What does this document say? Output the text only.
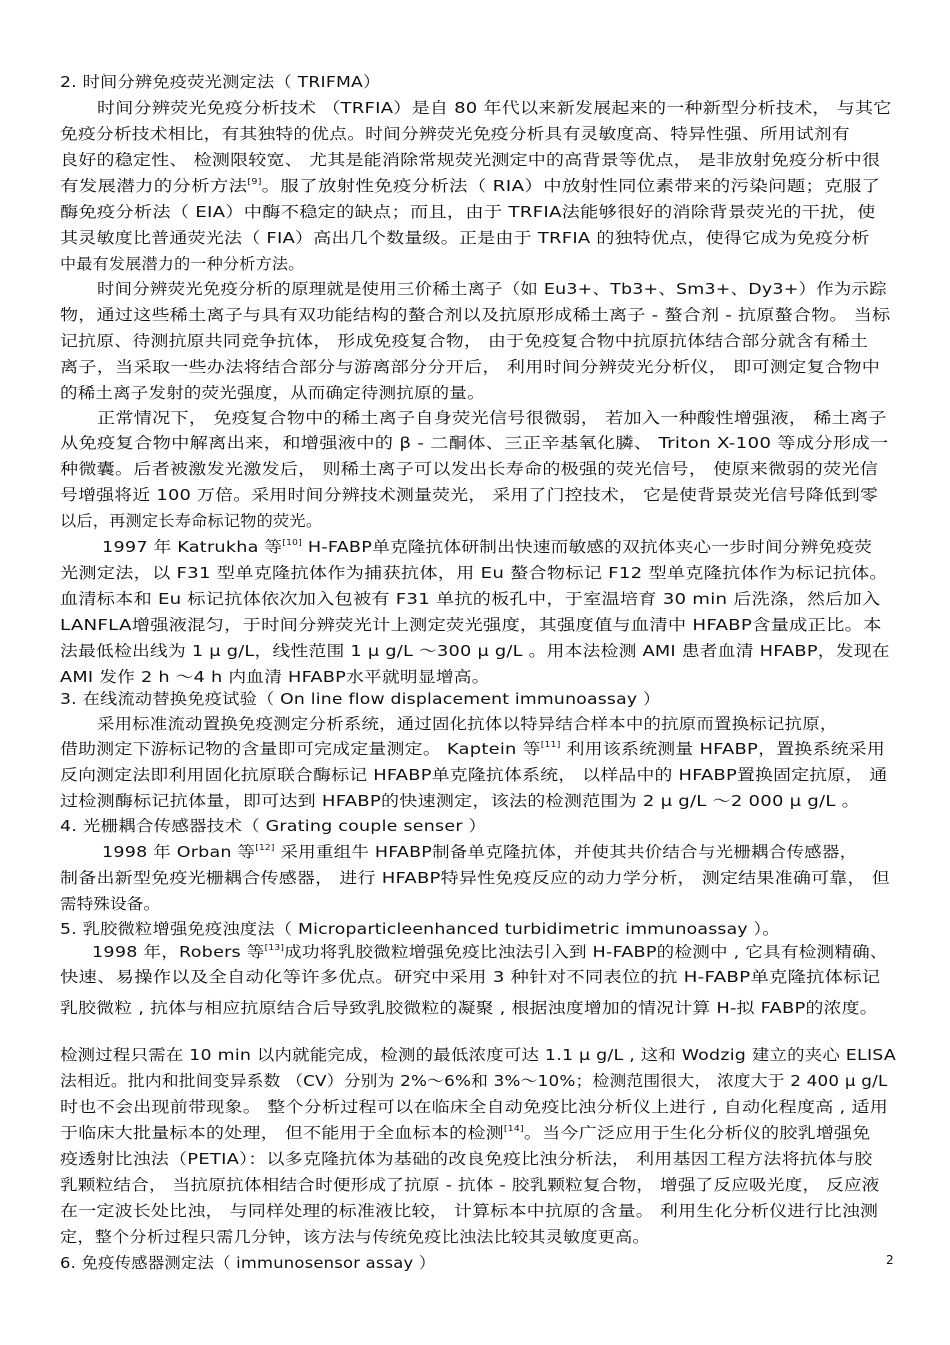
2. 时间分辨免疫荧光测定法（ TRIFMA）
时间分辨荧光免疫分析技术 （TRFIA）是自 80 年代以来新发展起来的一种新型分析技术， 与其它
免疫分析技术相比，有其独特的优点。时间分辨荧光免疫分析具有灵敏度高、特异性强、所用试剂有
良好的稳定性、 检测限较宽、 尤其是能消除常规荧光测定中的高背景等优点， 是非放射免疫分析中很
有发展潜力的分析方法[9]。服了放射性免疫分析法（ RIA）中放射性同位素带来的污染问题；克服了
酶免疫分析法（ EIA）中酶不稳定的缺点；而且，由于 TRFIA法能够很好的消除背景荧光的干扰，使
其灵敏度比普通荧光法（ FIA）高出几个数量级。正是由于 TRFIA 的独特优点，使得它成为免疫分析
中最有发展潜力的一种分析方法。
时间分辨荧光免疫分析的原理就是使用三价稀土离子（如 Eu3+、Tb3+、Sm3+、Dy3+）作为示踪
物，通过这些稀土离子与具有双功能结构的螯合剂以及抗原形成稀土离子 - 螯合剂 - 抗原螯合物。 当标
记抗原、待测抗原共同竞争抗体， 形成免疫复合物， 由于免疫复合物中抗原抗体结合部分就含有稀土
离子，当采取一些办法将结合部分与游离部分分开后， 利用时间分辨荧光分析仪， 即可测定复合物中
的稀土离子发射的荧光强度，从而确定待测抗原的量。
正常情况下， 免疫复合物中的稀土离子自身荧光信号很微弱， 若加入一种酸性增强液， 稀土离子
从免疫复合物中解离出来，和增强液中的 β - 二酮体、三正辛基氧化膦、 Triton X-100 等成分形成一
种微囊。后者被激发光激发后， 则稀土离子可以发出长寿命的极强的荧光信号， 使原来微弱的荧光信
号增强将近 100 万倍。采用时间分辨技术测量荧光， 采用了门控技术， 它是使背景荧光信号降低到零
以后，再测定长寿命标记物的荧光。
1997 年 Katrukha 等[10] H-FABP单克隆抗体研制出快速而敏感的双抗体夹心一步时间分辨免疫荧
光测定法，以 F31 型单克隆抗体作为捕获抗体，用 Eu 螯合物标记 F12 型单克隆抗体作为标记抗体。
血清标本和 Eu 标记抗体依次加入包被有 F31 单抗的板孔中，于室温培育 30 min 后洗涤，然后加入
LANFLA增强液混匀，于时间分辨荧光计上测定荧光强度，其强度值与血清中 HFABP含量成正比。本
法最低检出线为 1 μ g/L，线性范围 1 μ g/L ～300 μ g/L 。用本法检测 AMI 患者血清 HFABP，发现在
AMI 发作 2 h ～4 h 内血清 HFABP水平就明显增高。
3. 在线流动替换免疫试验（ On line flow displacement immunoassay ）
采用标准流动置换免疫测定分析系统，通过固化抗体以特异结合样本中的抗原而置换标记抗原，
借助测定下游标记物的含量即可完成定量测定。 Kaptein 等[11] 利用该系统测量 HFABP，置换系统采用
反向测定法即利用固化抗原联合酶标记 HFABP单克隆抗体系统， 以样品中的 HFABP置换固定抗原， 通
过检测酶标记抗体量，即可达到 HFABP的快速测定，该法的检测范围为 2 μ g/L ～2 000 μ g/L 。
4. 光栅耦合传感器技术（ Grating couple senser ）
1998 年 Orban 等[12] 采用重组牛 HFABP制备单克隆抗体，并使其共价结合与光栅耦合传感器，
制备出新型免疫光栅耦合传感器， 进行 HFABP特异性免疫反应的动力学分析， 测定结果准确可靠， 但
需特殊设备。
5. 乳胶微粒增强免疫浊度法（ Microparticleenhanced turbidimetric immunoassay ）。
1998 年，Robers 等[13]成功将乳胶微粒增强免疫比浊法引入到 H-FABP的检测中 , 它具有检测精确、
快速、易操作以及全自动化等许多优点。研究中采用 3 种针对不同表位的抗 H-FABP单克隆抗体标记
乳胶微粒 , 抗体与相应抗原结合后导致乳胶微粒的凝聚 , 根据浊度增加的情况计算 H-拟 FABP的浓度。
检测过程只需在 10 min 以内就能完成，检测的最低浓度可达 1.1 μ g/L , 这和 Wodzig 建立的夹心 ELISA
法相近。批内和批间变异系数 （CV）分别为 2%～6%和 3%～10%；检测范围很大， 浓度大于 2 400 μ g/L
时也不会出现前带现象。 整个分析过程可以在临床全自动免疫比浊分析仪上进行 , 自动化程度高 , 适用
于临床大批量标本的处理， 但不能用于全血标本的检测[14]。当今广泛应用于生化分析仪的胶乳增强免
疫透射比浊法（PETIA）：以多克隆抗体为基础的改良免疫比浊分析法， 利用基因工程方法将抗体与胶
乳颗粒结合， 当抗原抗体相结合时便形成了抗原 - 抗体 - 胶乳颗粒复合物， 增强了反应吸光度， 反应液
在一定波长处比浊， 与同样处理的标准液比较， 计算标本中抗原的含量。 利用生化分析仪进行比浊测
定，整个分析过程只需几分钟，该方法与传统免疫比浊法比较其灵敏度更高。
6. 免疫传感器测定法（ immunosensor assay ）	2
